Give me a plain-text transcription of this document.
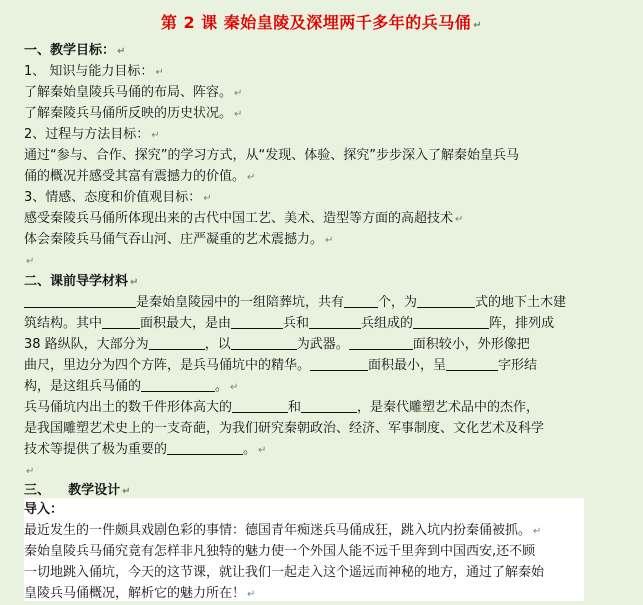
第 2 课 秦始皇陵及深埋两千多年的兵马俑 ↵
一、教学目标： ↵
1、 知识与能力目标： ↵
了解秦始皇陵兵马俑的布局、阵容。 ↵
了解秦陵兵马俑所反映的历史状况。 ↵
2、过程与方法目标： ↵
通过“参与、合作、探究”的学习方式，从“发现、体验、探究”步步深入了解秦始皇兵马
俑的概况并感受其富有震撼力的价值。 ↵
3、情感、态度和价值观目标： ↵
感受秦陵兵马俑所体现出来的古代中国工艺、美术、造型等方面的高超技术 ↵
体会秦陵兵马俑气吞山河、庄严凝重的艺术震撼力。 ↵
↵
二、课前导学材料 ↵
是秦始皇陵园中的一组陪葬坑，共有	个，为	式的地下土木建
筑结构。其中	面积最大，是由	兵和	兵组成的	阵，排列成
38 路纵队，大部分为	，以	为武器。	面积较小，外形像把
曲尺，里边分为四个方阵，是兵马俑坑中的精华。	面积最小，呈	字形结
构，是这组兵马俑的	。 ↵
兵马俑坑内出土的数千件形体高大的	和	，是秦代雕塑艺术品中的杰作，
是我国雕塑艺术史上的一支奇葩，为我们研究秦朝政治、经济、军事制度、文化艺术及科学
技术等提供了极为重要的	。 ↵
↵
三、    教学设计 ↵
导入：
最近发生的一件颇具戏剧色彩的事情：德国青年痴迷兵马俑成狂，跳入坑内扮秦俑被抓。 ↵
秦始皇陵兵马俑究竟有怎样非凡独特的魅力使一个外国人能不远千里奔到中国西安,还不顾
一切地跳入俑坑，今天的这节课，就让我们一起走入这个遥远而神秘的地方，通过了解秦始
皇陵兵马俑概况，解析它的魅力所在！ ↵
